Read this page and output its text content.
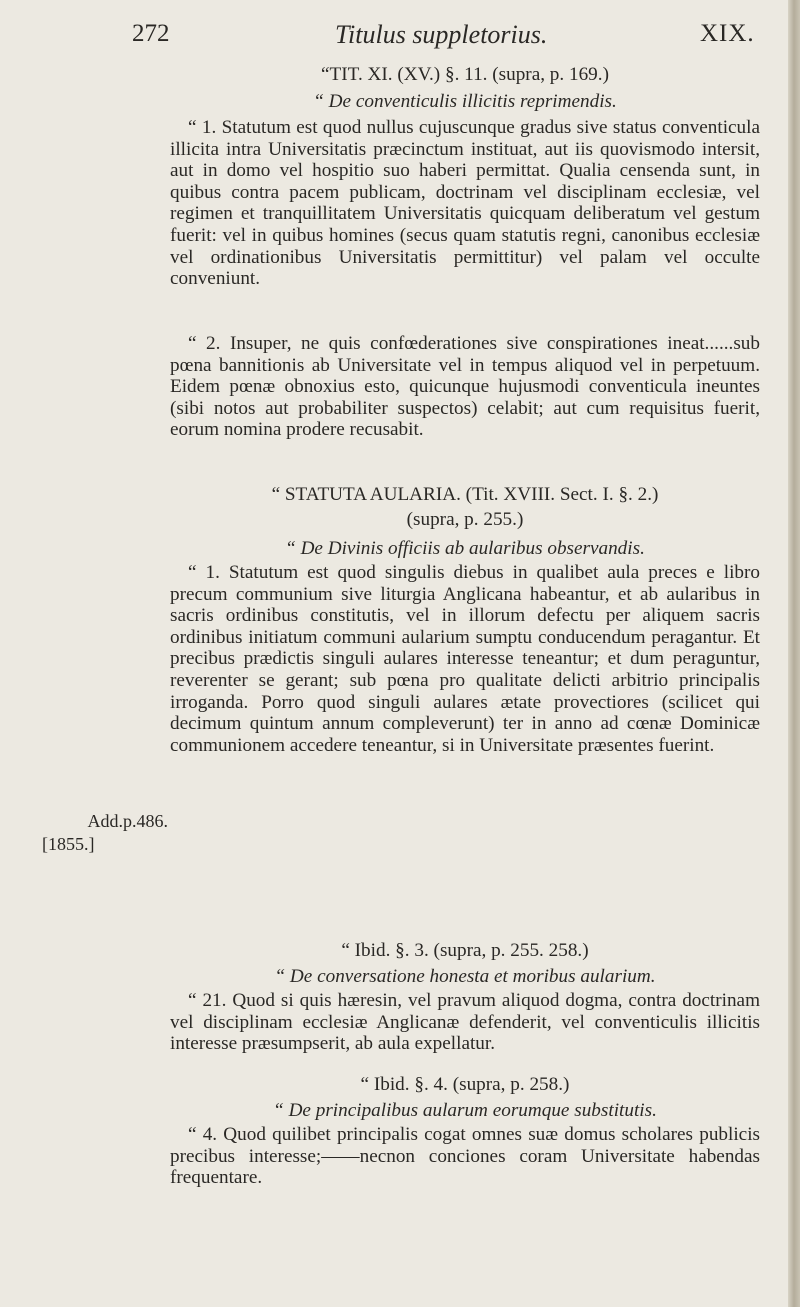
272	Titulus suppletorius.	XIX.

“TIT. XI. (XV.) §. 11. (supra, p. 169.)

“ De conventiculis illicitis reprimendis.

“ 1. Statutum est quod nullus cujuscunque gradus sive status conventicula illicita intra Universitatis præcinctum instituat, aut iis quovismodo intersit, aut in domo vel hospitio suo haberi permittat. Qualia censenda sunt, in quibus contra pacem publicam, doctrinam vel disciplinam ecclesiæ, vel regimen et tranquillitatem Universitatis quicquam deliberatum vel gestum fuerit: vel in quibus homines (secus quam statutis regni, canonibus ecclesiæ vel ordinationibus Universitatis permittitur) vel palam vel occulte conveniunt.

“ 2. Insuper, ne quis confœderationes sive conspirationes ineat......sub pœna bannitionis ab Universitate vel in tempus aliquod vel in perpetuum. Eidem pœnæ obnoxius esto, quicunque hujusmodi conventicula ineuntes (sibi notos aut probabiliter suspectos) celabit; aut cum requisitus fuerit, eorum nomina prodere recusabit.

“ STATUTA AULARIA. (Tit. XVIII. Sect. I. §. 2.)

(supra, p. 255.)

“ De Divinis officiis ab aularibus observandis.

“ 1. Statutum est quod singulis diebus in qualibet aula preces e libro precum communium sive liturgia Anglicana habeantur, et ab aularibus in sacris ordinibus constitutis, vel in illorum defectu per aliquem sacris ordinibus initiatum communi aularium sumptu conducendum peragantur. Et precibus prædictis singuli aulares interesse teneantur; et dum peraguntur, reverenter se gerant; sub pœna pro qualitate delicti arbitrio principalis irroganda. Porro quod singuli aulares ætate provectiores (scilicet qui decimum quintum annum compleverunt) ter in anno ad cœnæ Dominicæ communionem accedere teneantur, si in Universitate præsentes fuerint.

Add.p.486.
[1855.]

“ Ibid. §. 3. (supra, p. 255. 258.)

“ De conversatione honesta et moribus aularium.

“ 21. Quod si quis hæresin, vel pravum aliquod dogma, contra doctrinam vel disciplinam ecclesiæ Anglicanæ defenderit, vel conventiculis illicitis interesse præsumpserit, ab aula expellatur.

“ Ibid. §. 4. (supra, p. 258.)

“ De principalibus aularum eorumque substitutis.

“ 4. Quod quilibet principalis cogat omnes suæ domus scholares publicis precibus interesse;——necnon conciones coram Universitate habendas frequentare.
